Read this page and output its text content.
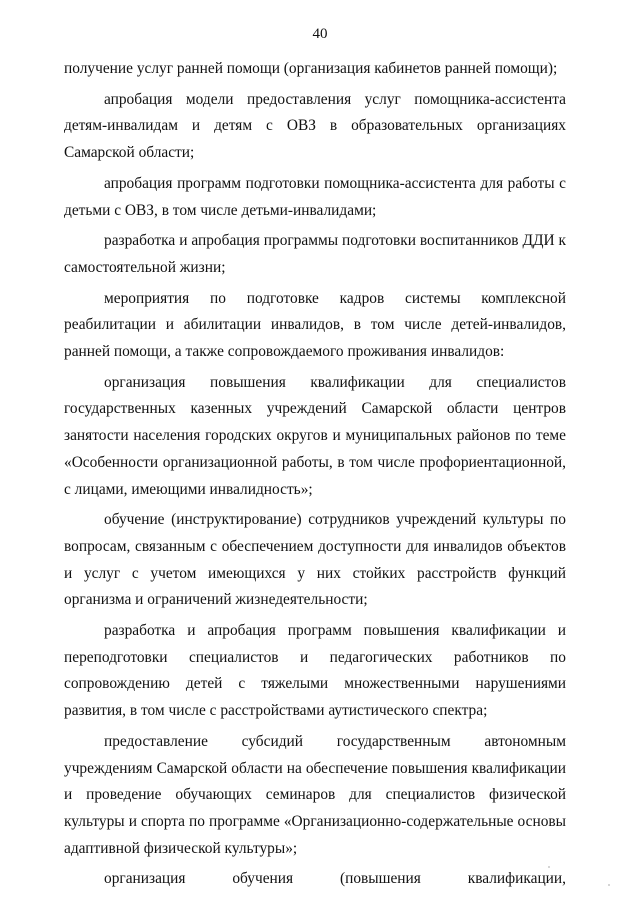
40

получение услуг ранней помощи (организация кабинетов ранней помощи);

апробация модели предоставления услуг помощника-ассистента детям-инвалидам и детям с ОВЗ в образовательных организациях Самарской области;

апробация программ подготовки помощника-ассистента для работы с детьми с ОВЗ, в том числе детьми-инвалидами;

разработка и апробация программы подготовки воспитанников ДДИ к самостоятельной жизни;

мероприятия по подготовке кадров системы комплексной реабилитации и абилитации инвалидов, в том числе детей-инвалидов, ранней помощи, а также сопровождаемого проживания инвалидов:

организация повышения квалификации для специалистов государственных казенных учреждений Самарской области центров занятости населения городских округов и муниципальных районов по теме «Особенности организационной работы, в том числе профориентационной, с лицами, имеющими инвалидность»;

обучение (инструктирование) сотрудников учреждений культуры по вопросам, связанным с обеспечением доступности для инвалидов объектов и услуг с учетом имеющихся у них стойких расстройств функций организма и ограничений жизнедеятельности;

разработка и апробация программ повышения квалификации и переподготовки специалистов и педагогических работников по сопровождению детей с тяжелыми множественными нарушениями развития, в том числе с расстройствами аутистического спектра;

предоставление субсидий государственным автономным учреждениям Самарской области на обеспечение повышения квалификации и проведение обучающих семинаров для специалистов физической культуры и спорта по программе «Организационно-содержательные основы адаптивной физической культуры»;

организация обучения (повышения квалификации,
